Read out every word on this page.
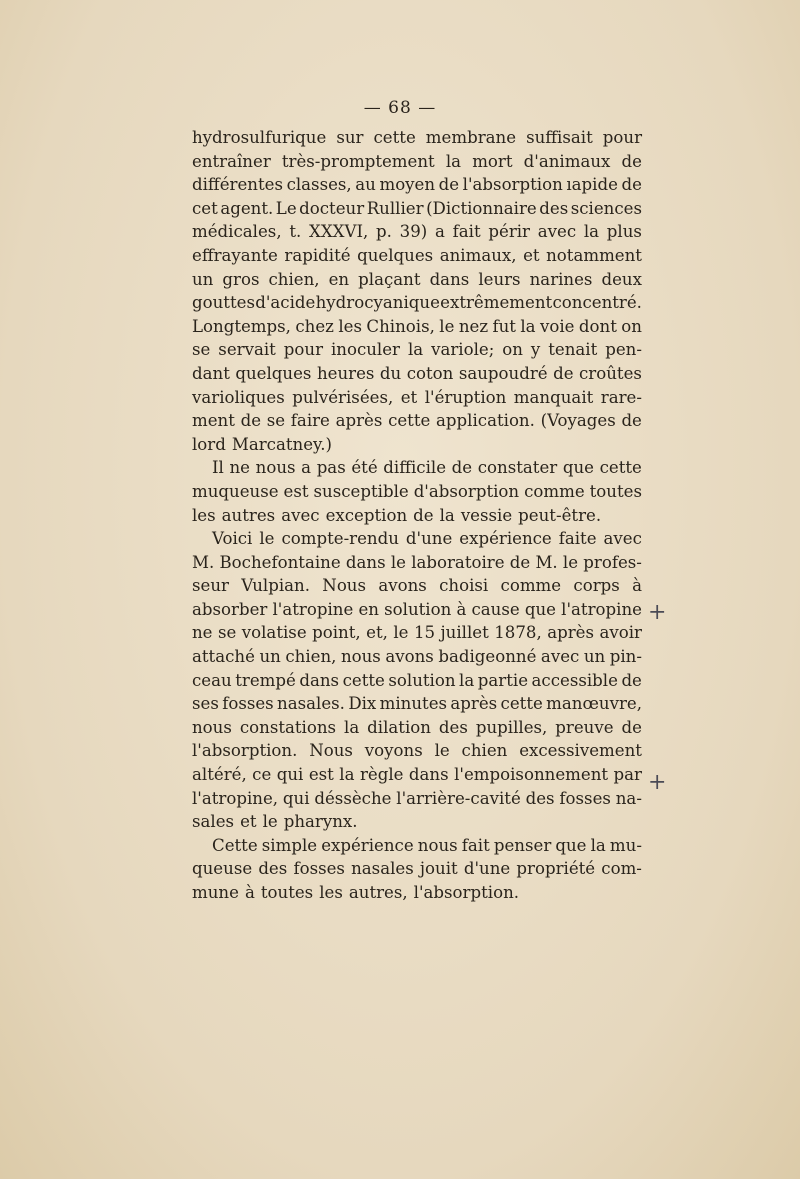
— 68 —
hydrosulfurique sur cette membrane suffisait pour
entraîner très-promptement la mort d'animaux de
différentes classes, au moyen de l'absorption ıapide de
cet agent. Le docteur Rullier (Dictionnaire des sciences
médicales, t. XXXVI, p. 39) a fait périr avec la plus
effrayante rapidité quelques animaux, et notamment
un gros chien, en plaçant dans leurs narines deux
gouttes d'acide hydrocyanique extrêmement concentré.
Longtemps, chez les Chinois, le nez fut la voie dont on
se servait pour inoculer la variole; on y tenait pen-
dant quelques heures du coton saupoudré de croûtes
varioliques pulvérisées, et l'éruption manquait rare-
ment de se faire après cette application. (Voyages de
lord Marcatney.)
Il ne nous a pas été difficile de constater que cette
muqueuse est susceptible d'absorption comme toutes
les autres avec exception de la vessie peut-être.
Voici le compte-rendu d'une expérience faite avec
M. Bochefontaine dans le laboratoire de M. le profes-
seur Vulpian. Nous avons choisi comme corps à
absorber l'atropine en solution à cause que l'atropine
ne se volatise point, et, le 15 juillet 1878, après avoir
attaché un chien, nous avons badigeonné avec un pin-
ceau trempé dans cette solution la partie accessible de
ses fosses nasales. Dix minutes après cette manœuvre,
nous constations la dilation des pupilles, preuve de
l'absorption. Nous voyons le chien excessivement
altéré, ce qui est la règle dans l'empoisonnement par
l'atropine, qui déssèche l'arrière-cavité des fosses na-
sales et le pharynx.
Cette simple expérience nous fait penser que la mu-
queuse des fosses nasales jouit d'une propriété com-
mune à toutes les autres, l'absorption.
+
+
